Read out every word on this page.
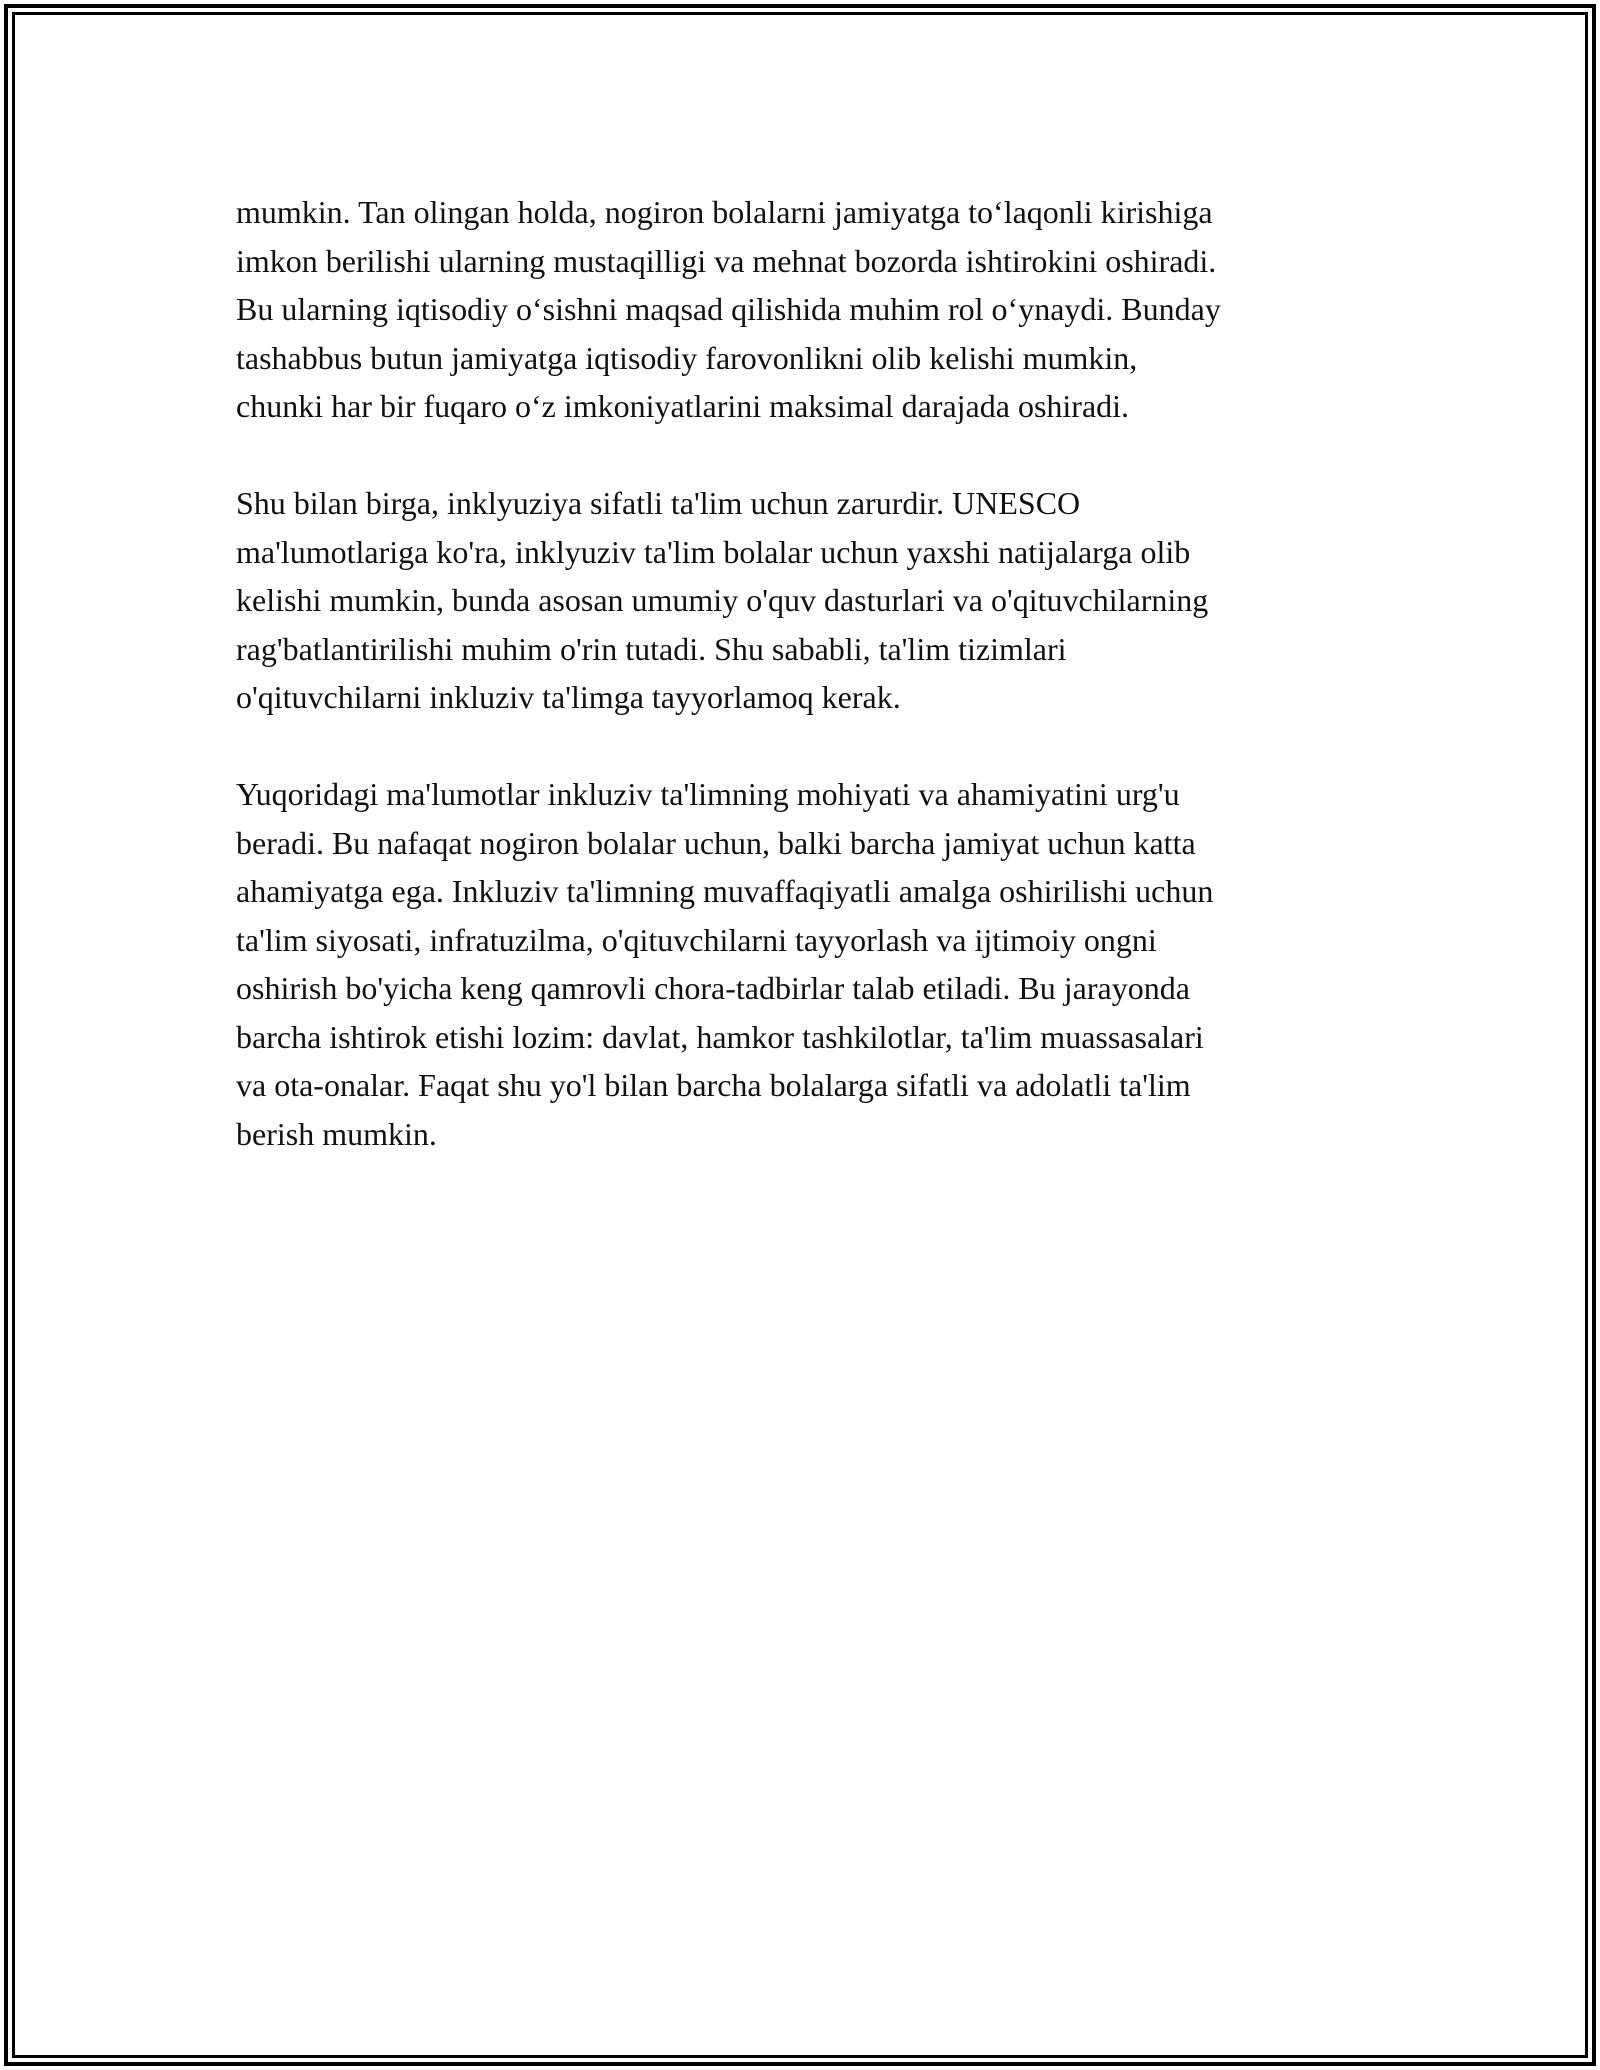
mumkin. Tan olingan holda, nogiron bolalarni jamiyatga to‘laqonli kirishiga
imkon berilishi ularning mustaqilligi va mehnat bozorda ishtirokini oshiradi.
Bu ularning iqtisodiy o‘sishni maqsad qilishida muhim rol o‘ynaydi. Bunday
tashabbus butun jamiyatga iqtisodiy farovonlikni olib kelishi mumkin,
chunki har bir fuqaro o‘z imkoniyatlarini maksimal darajada oshiradi.

Shu bilan birga, inklyuziya sifatli ta'lim uchun zarurdir. UNESCO
ma'lumotlariga ko'ra, inklyuziv ta'lim bolalar uchun yaxshi natijalarga olib
kelishi mumkin, bunda asosan umumiy o'quv dasturlari va o'qituvchilarning
rag'batlantirilishi muhim o'rin tutadi. Shu sababli, ta'lim tizimlari
o'qituvchilarni inkluziv ta'limga tayyorlamoq kerak.

Yuqoridagi ma'lumotlar inkluziv ta'limning mohiyati va ahamiyatini urg'u
beradi. Bu nafaqat nogiron bolalar uchun, balki barcha jamiyat uchun katta
ahamiyatga ega. Inkluziv ta'limning muvaffaqiyatli amalga oshirilishi uchun
ta'lim siyosati, infratuzilma, o'qituvchilarni tayyorlash va ijtimoiy ongni
oshirish bo'yicha keng qamrovli chora-tadbirlar talab etiladi. Bu jarayonda
barcha ishtirok etishi lozim: davlat, hamkor tashkilotlar, ta'lim muassasalari
va ota-onalar. Faqat shu yo'l bilan barcha bolalarga sifatli va adolatli ta'lim
berish mumkin.
